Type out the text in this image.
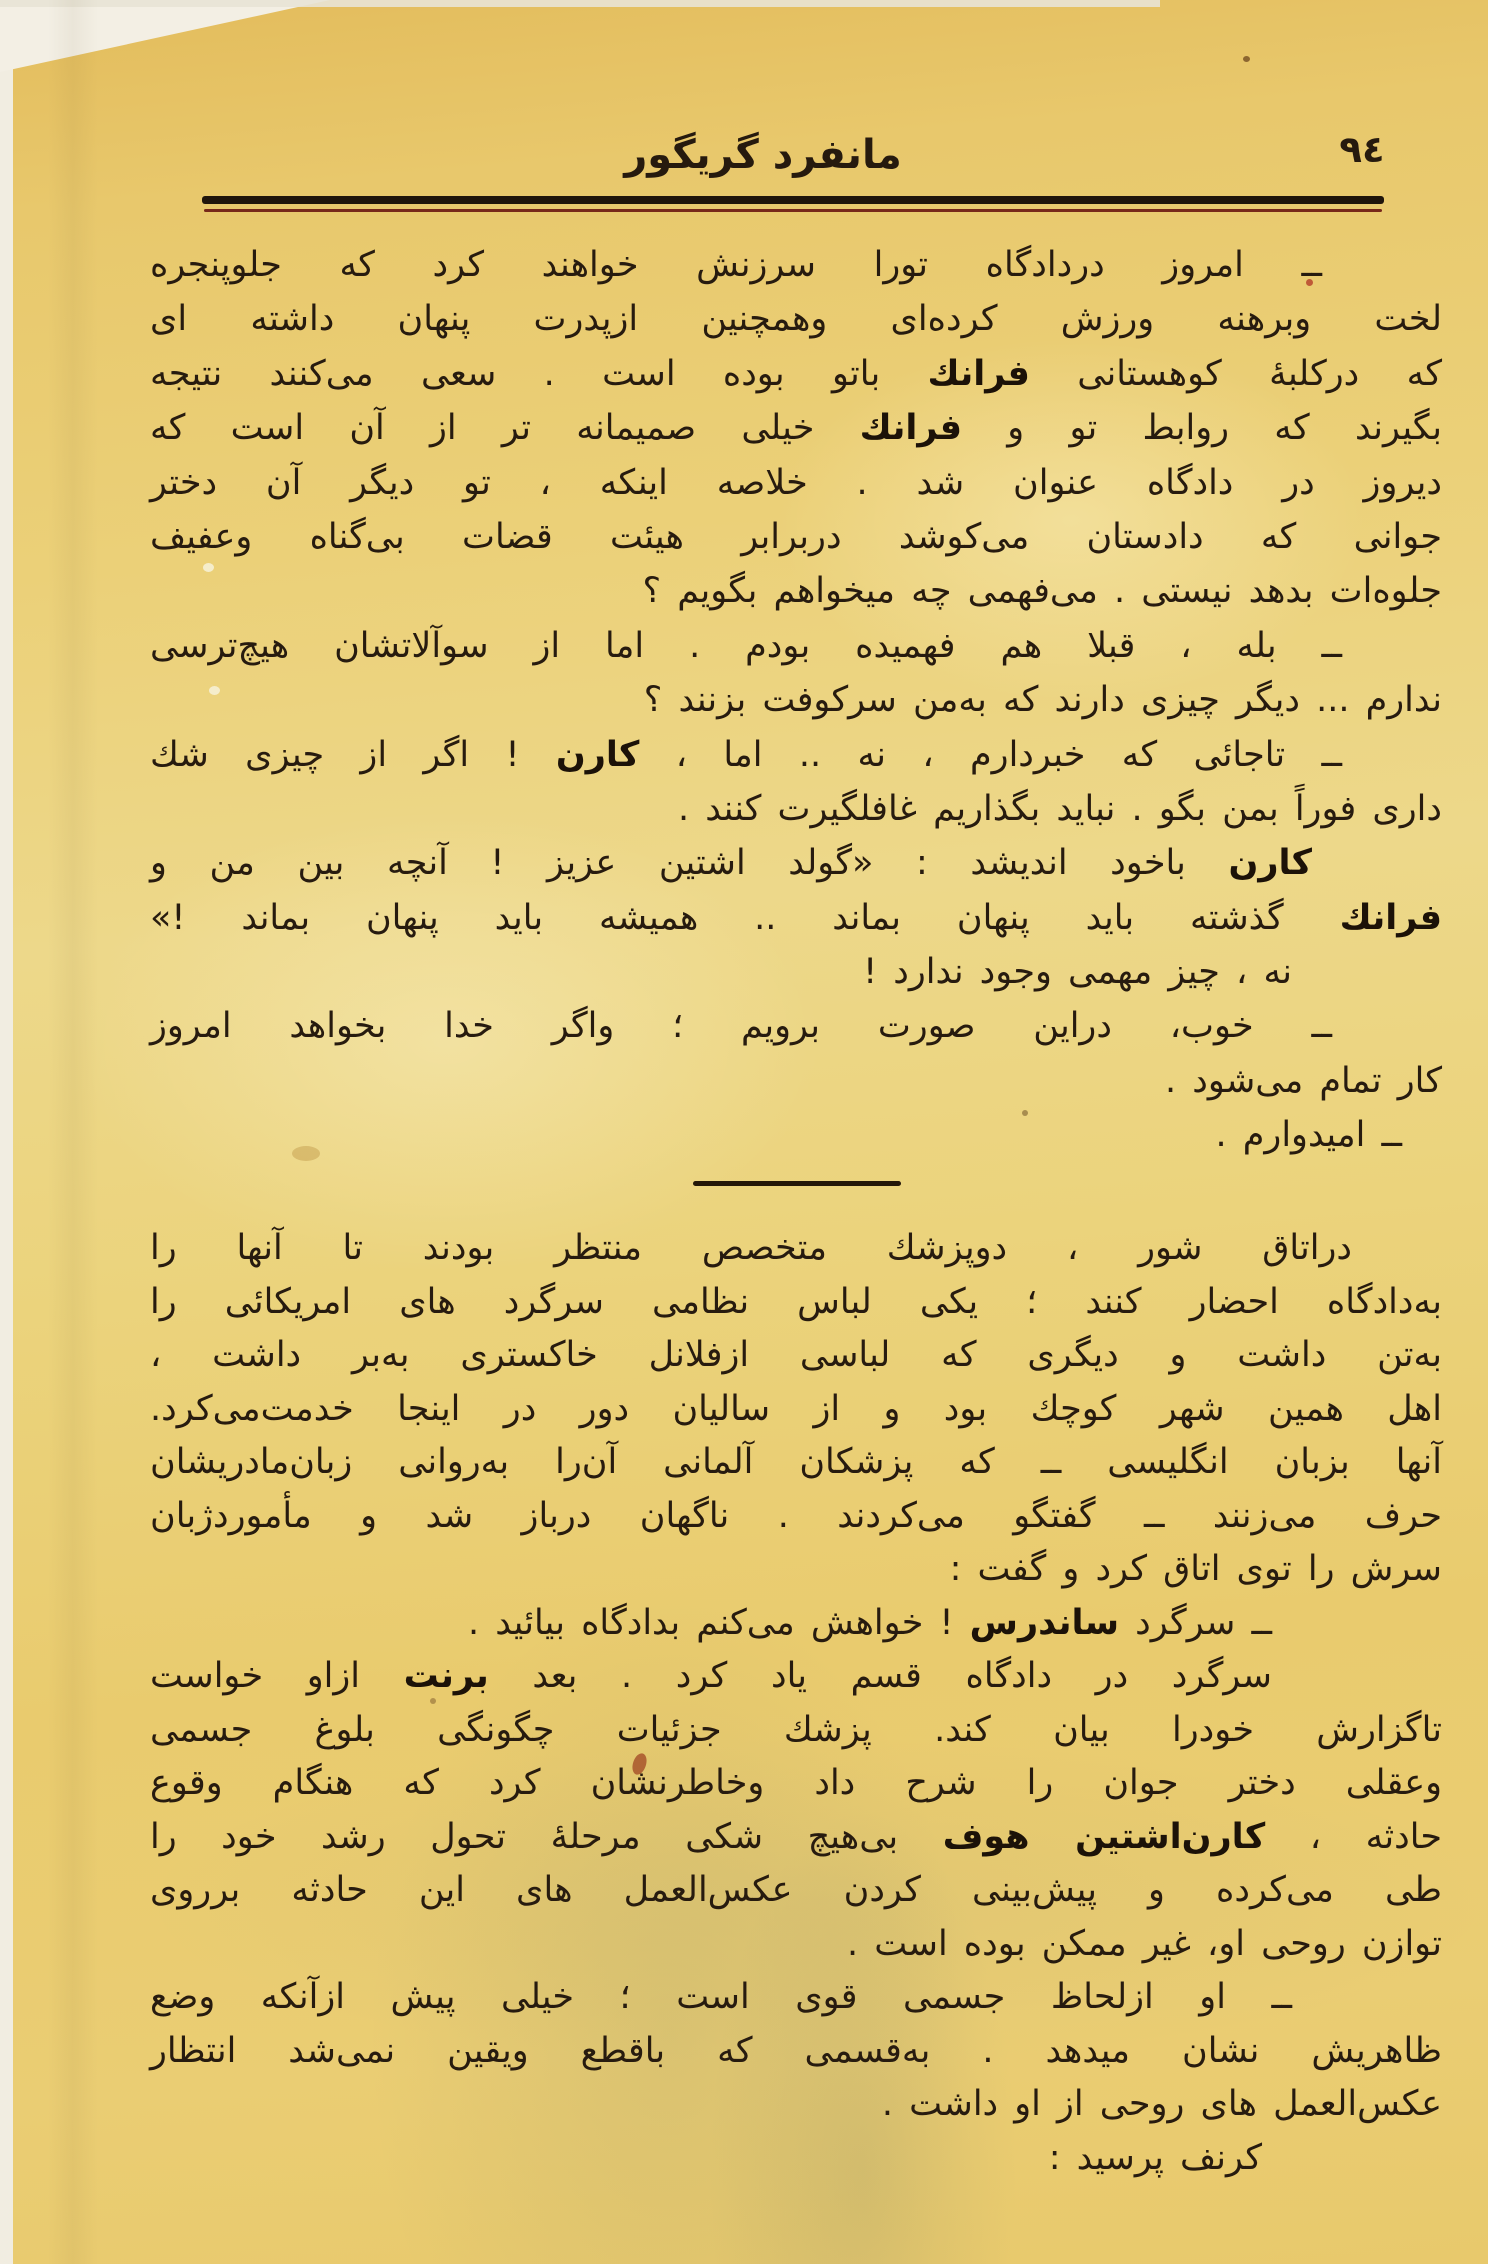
مانفرد گریگور	٩٤
ــ امروز دردادگاه تورا سرزنش خواهند کرد که جلوپنجره
لخت وبرهنه ورزش کرده‌ای وهمچنین ازپدرت پنهان داشته ای
که درکلبهٔ کوهستانی فرانك باتو بوده است . سعی می‌کنند نتیجه
بگیرند که روابط تو و فرانك خیلی صمیمانه تر از آن است که
دیروز در دادگاه عنوان شد . خلاصه اینکه ، تو دیگر آن دختر
جوانی که دادستان می‌کوشد دربرابر هیئت قضات بی‌گناه وعفیف
جلوه‌ات بدهد نیستی . می‌فهمی چه میخواهم بگویم ؟
ــ بله ، قبلا هم فهمیده بودم . اما از سوآلاتشان هیچ‌ترسی
ندارم ... دیگر چیزی دارند که به‌من سرکوفت بزنند ؟
ــ تاجائی که خبردارم ، نه .. اما ، کارن ! اگر از چیزی شك
داری فوراً بمن بگو . نباید بگذاریم غافلگیرت کنند .
کارن باخود اندیشد : «گولد اشتین عزیز ! آنچه بین من و
فرانك گذشته باید پنهان بماند .. همیشه باید پنهان بماند !»
نه ، چیز مهمی وجود ندارد !
ــ خوب، دراین صورت برویم ؛ واگر خدا بخواهد امروز
کار تمام می‌شود .
ــ امیدوارم .
دراتاق شور ، دوپزشك متخصص منتظر بودند تا آنها را
به‌دادگاه احضار کنند ؛ یکی لباس نظامی سرگرد های امریکائی را
به‌تن داشت و دیگری که لباسی ازفلانل خاکستری به‌بر داشت ،
اهل همین شهر کوچك بود و از سالیان دور در اینجا خدمت‌می‌کرد.
آنها بزبان انگلیسی ــ که پزشکان آلمانی آن‌را به‌روانی زبان‌مادریشان
حرف می‌زنند ــ گفتگو می‌کردند . ناگهان درباز شد و مأموردژبان
سرش را توی اتاق کرد و گفت :
ــ سرگرد ساندرس ! خواهش می‌کنم بدادگاه بیائید .
سرگرد در دادگاه قسم یاد کرد . بعد برنت ازاو خواست
تاگزارش خودرا بیان کند. پزشك جزئیات چگونگی بلوغ جسمی
وعقلی دختر جوان را شرح داد وخاطرنشان کرد که هنگام وقوع
حادثه ، کارن‌اشتین هوف بی‌هیچ شکی مرحلهٔ تحول رشد خود را
طی می‌کرده و پیش‌بینی کردن عکس‌العمل های این حادثه برروی
توازن روحی او، غیر ممکن بوده است .
ــ او ازلحاظ جسمی قوی است ؛ خیلی پیش ازآنکه وضع
ظاهریش نشان میدهد . به‌قسمی که باقطع ویقین نمی‌شد انتظار
عکس‌العمل های روحی از او داشت .
کرنف پرسید :
